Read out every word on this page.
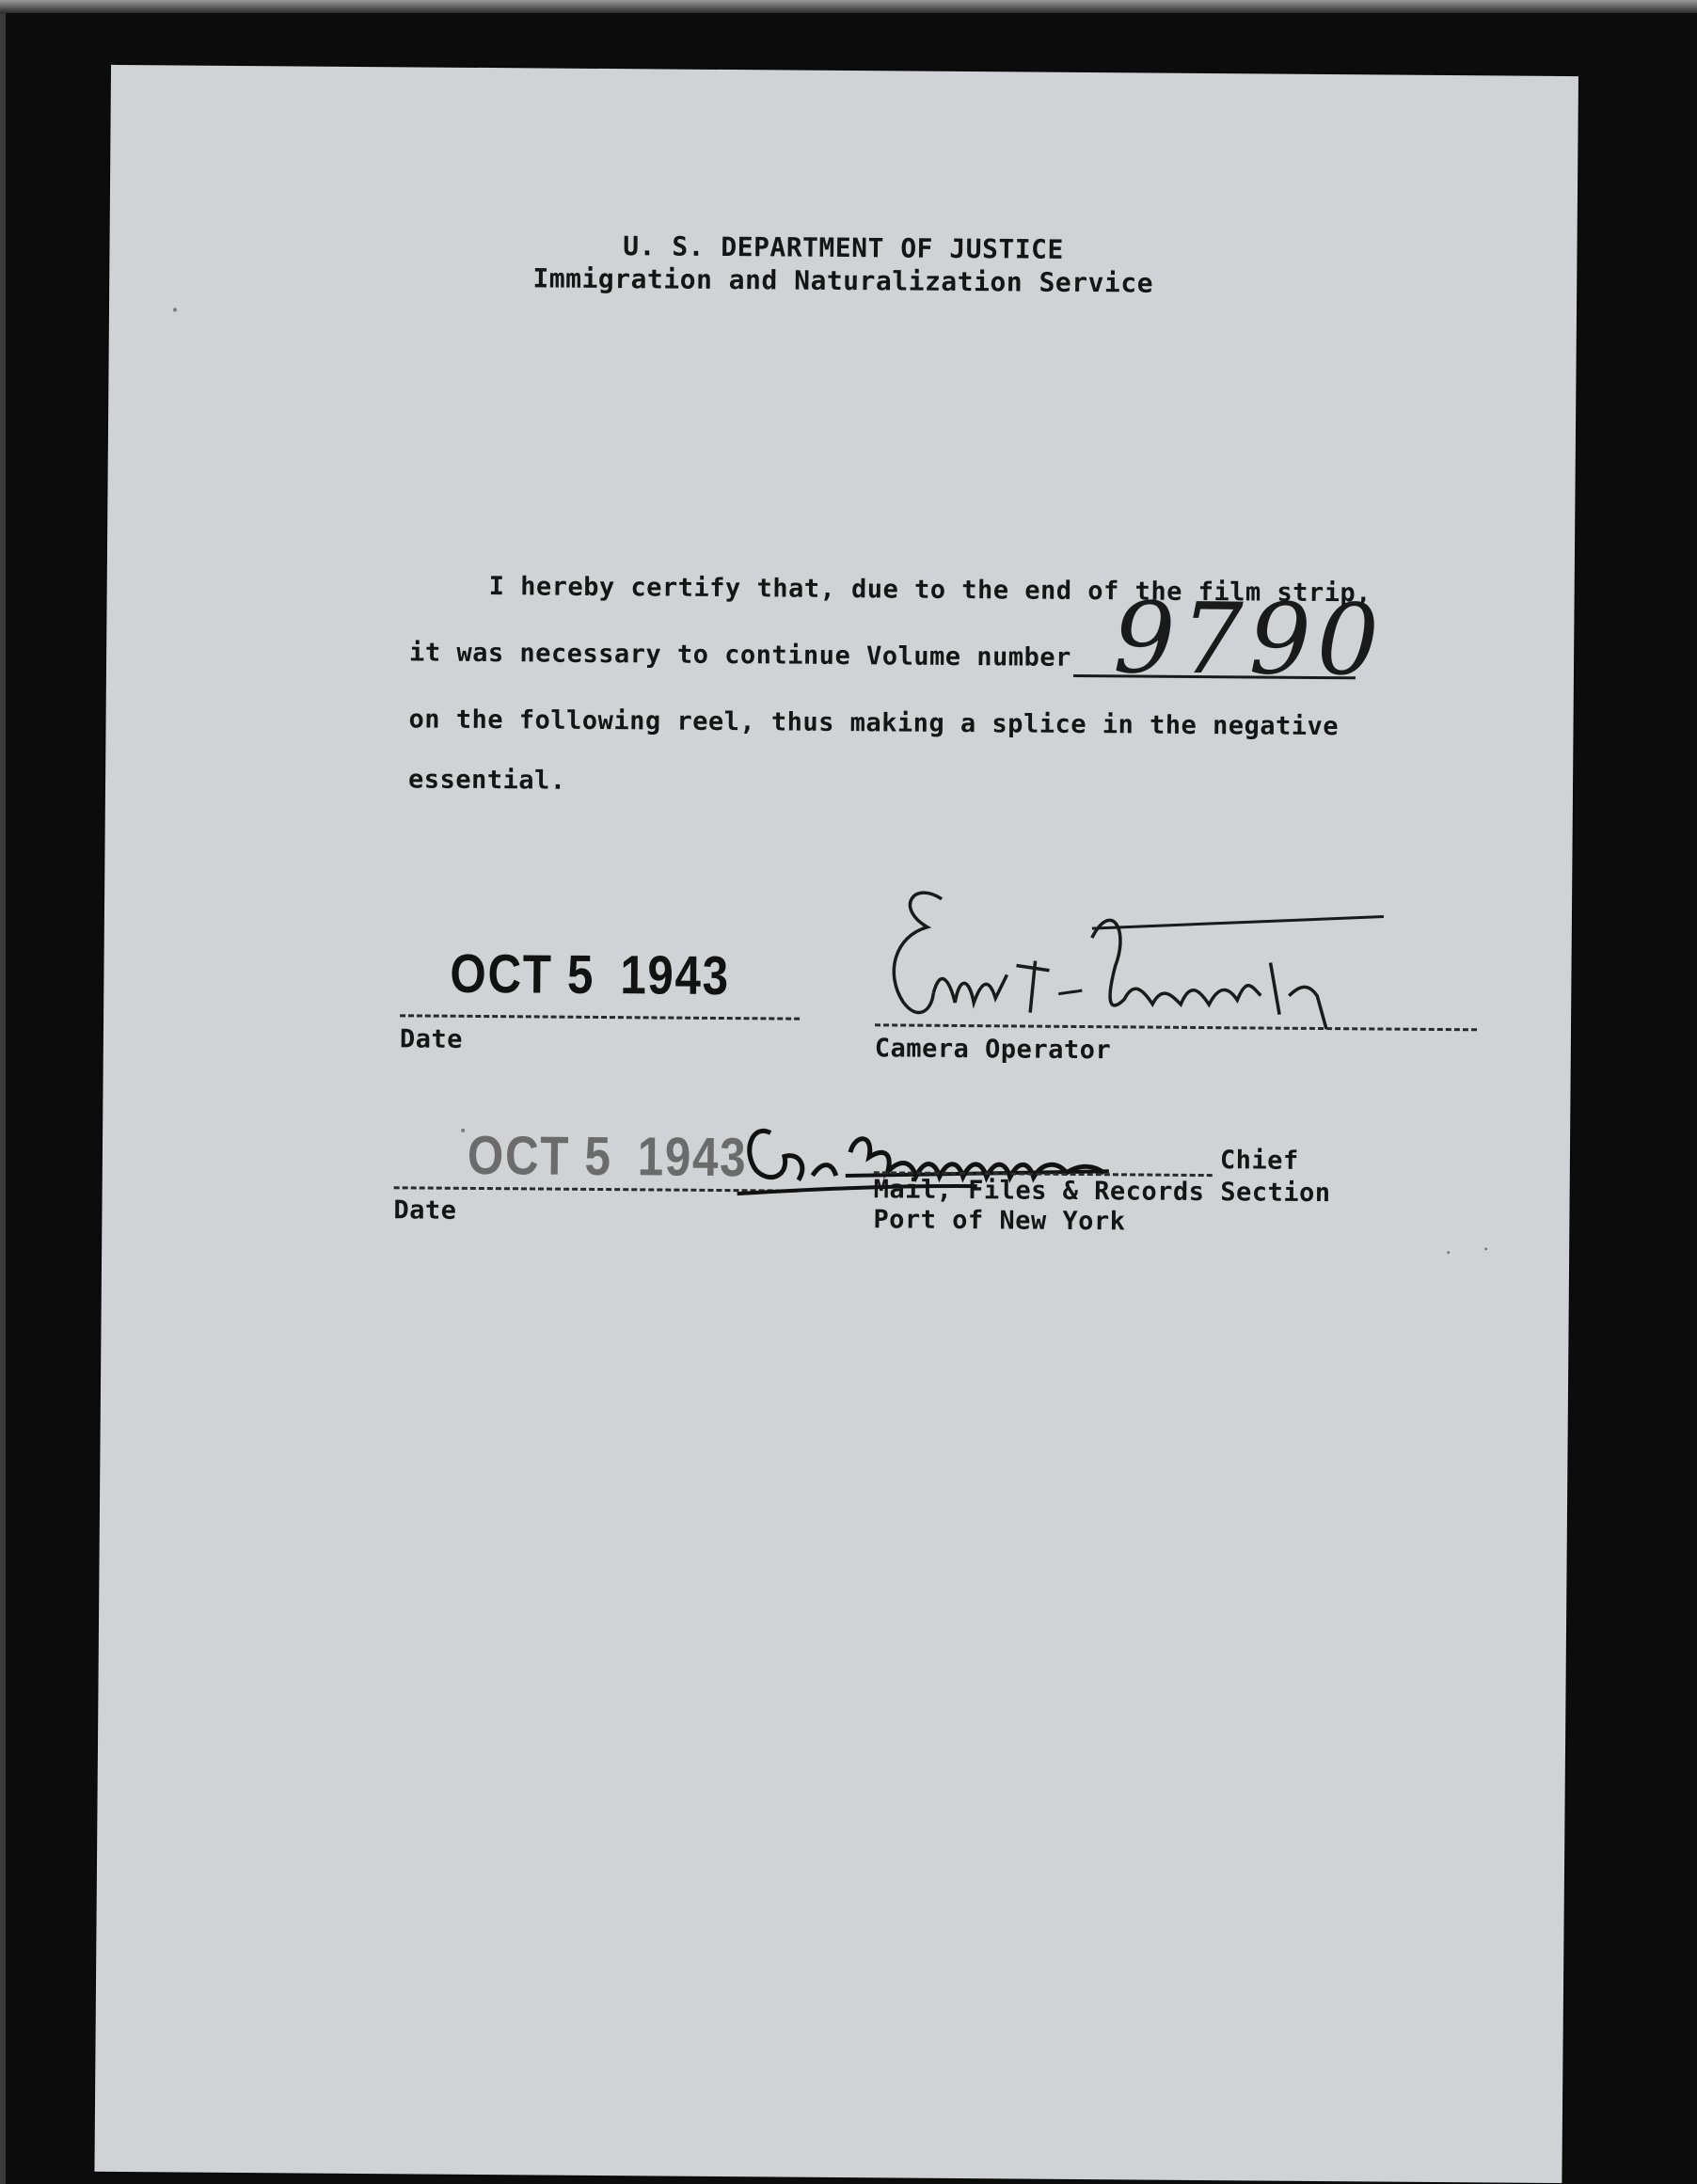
U. S. DEPARTMENT OF JUSTICE
Immigration and Naturalization Service
I hereby certify that, due to the end of the film strip,
it was necessary to continue Volume number 9790
on the following reel, thus making a splice in the negative
essential.
OCT 5 1943
Date	Camera Operator
OCT 5 1943
Date
Chief
Mail, Files & Records Section
Port of New York
